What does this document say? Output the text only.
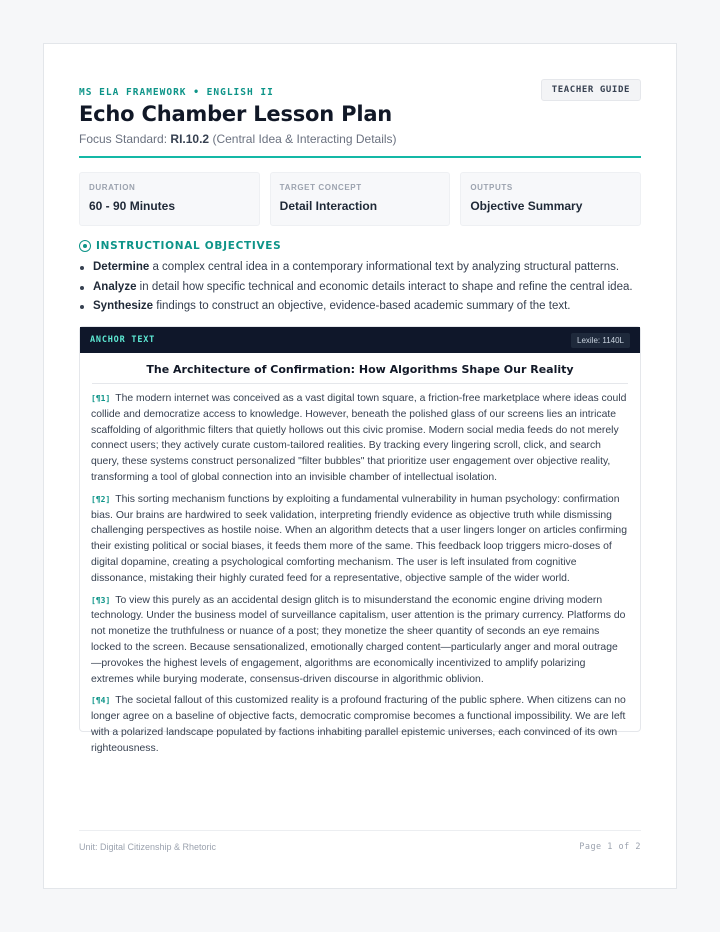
MS ELA FRAMEWORK • ENGLISH II	TEACHER GUIDE
Echo Chamber Lesson Plan
Focus Standard: RI.10.2 (Central Idea & Interacting Details)
DURATION
60 - 90 Minutes
TARGET CONCEPT
Detail Interaction
OUTPUTS
Objective Summary
INSTRUCTIONAL OBJECTIVES
Determine a complex central idea in a contemporary informational text by analyzing structural patterns.
Analyze in detail how specific technical and economic details interact to shape and refine the central idea.
Synthesize findings to construct an objective, evidence-based academic summary of the text.
ANCHOR TEXT	Lexile: 1140L
The Architecture of Confirmation: How Algorithms Shape Our Reality

[¶1] The modern internet was conceived as a vast digital town square, a friction-free marketplace where ideas could collide and democratize access to knowledge. However, beneath the polished glass of our screens lies an intricate scaffolding of algorithmic filters that quietly hollows out this civic promise. Modern social media feeds do not merely connect users; they actively curate custom-tailored realities. By tracking every lingering scroll, click, and search query, these systems construct personalized "filter bubbles" that prioritize user engagement over objective reality, transforming a tool of global connection into an invisible chamber of intellectual isolation.

[¶2] This sorting mechanism functions by exploiting a fundamental vulnerability in human psychology: confirmation bias. Our brains are hardwired to seek validation, interpreting friendly evidence as objective truth while dismissing challenging perspectives as hostile noise. When an algorithm detects that a user lingers longer on articles confirming their existing political or social biases, it feeds them more of the same. This feedback loop triggers micro-doses of digital dopamine, creating a psychological comforting mechanism. The user is left insulated from cognitive dissonance, mistaking their highly curated feed for a representative, objective sample of the wider world.

[¶3] To view this purely as an accidental design glitch is to misunderstand the economic engine driving modern technology. Under the business model of surveillance capitalism, user attention is the primary currency. Platforms do not monetize the truthfulness or nuance of a post; they monetize the sheer quantity of seconds an eye remains locked to the screen. Because sensationalized, emotionally charged content—particularly anger and moral outrage—provokes the highest levels of engagement, algorithms are economically incentivized to amplify polarizing extremes while burying moderate, consensus-driven discourse in algorithmic oblivion.

[¶4] The societal fallout of this customized reality is a profound fracturing of the public sphere. When citizens can no longer agree on a baseline of objective facts, democratic compromise becomes a functional impossibility. We are left with a polarized landscape populated by factions inhabiting parallel epistemic universes, each convinced of its own righteousness.

Unit: Digital Citizenship & Rhetoric	Page 1 of 2
